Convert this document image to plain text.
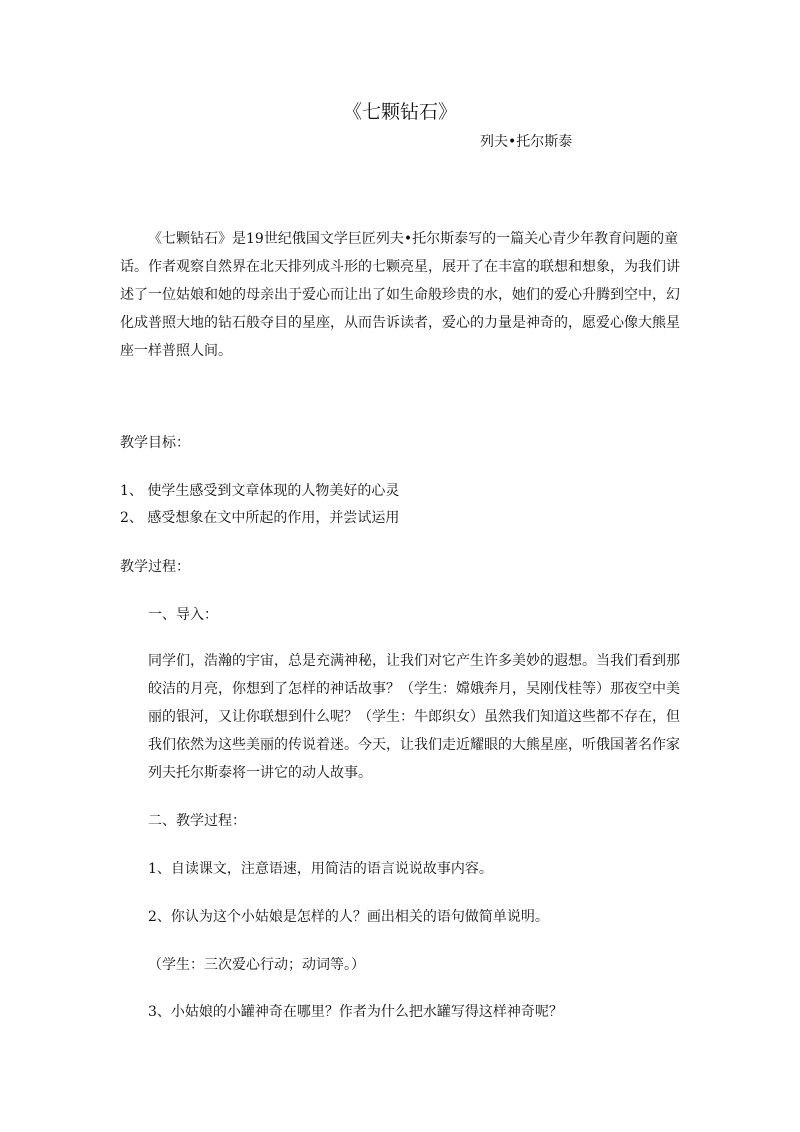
《七颗钻石》
列夫•托尔斯泰

《七颗钻石》是19世纪俄国文学巨匠列夫•托尔斯泰写的一篇关心青少年教育问题的童话。作者观察自然界在北天排列成斗形的七颗亮星，展开了在丰富的联想和想象，为我们讲述了一位姑娘和她的母亲出于爱心而让出了如生命般珍贵的水，她们的爱心升腾到空中，幻化成普照大地的钻石般夺目的星座，从而告诉读者，爱心的力量是神奇的，愿爱心像大熊星座一样普照人间。

教学目标：

1、 使学生感受到文章体现的人物美好的心灵

2、 感受想象在文中所起的作用，并尝试运用

教学过程：

一、导入：

同学们，浩瀚的宇宙，总是充满神秘，让我们对它产生许多美妙的遐想。当我们看到那皎洁的月亮，你想到了怎样的神话故事？（学生：嫦娥奔月，吴刚伐桂等）那夜空中美丽的银河，又让你联想到什么呢？（学生：牛郎织女）虽然我们知道这些都不存在，但我们依然为这些美丽的传说着迷。今天，让我们走近耀眼的大熊星座，听俄国著名作家列夫托尔斯泰将一讲它的动人故事。

二、教学过程：

1、自读课文，注意语速，用简洁的语言说说故事内容。

2、你认为这个小姑娘是怎样的人？画出相关的语句做简单说明。

（学生：三次爱心行动；动词等。）

3、小姑娘的小罐神奇在哪里？作者为什么把水罐写得这样神奇呢？
